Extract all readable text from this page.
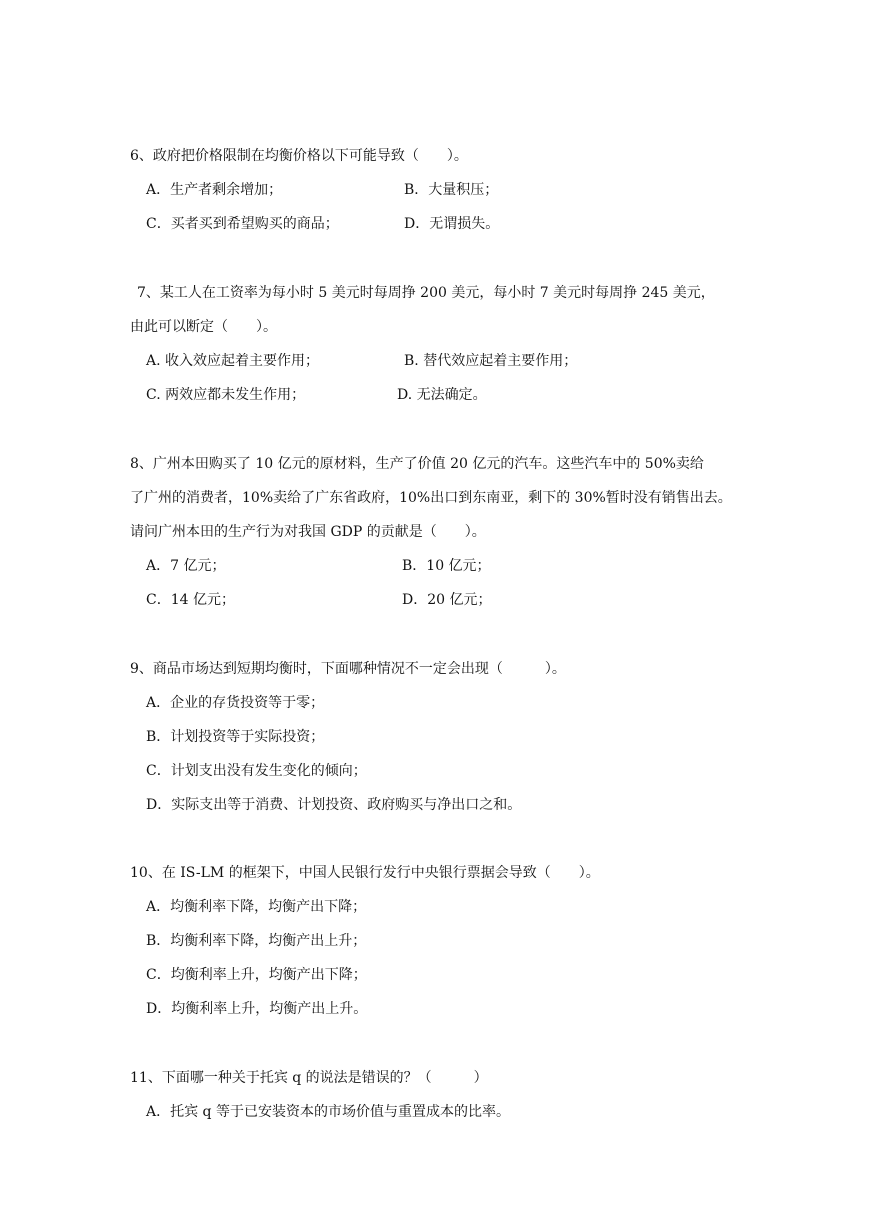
6、政府把价格限制在均衡价格以下可能导致（　　）。
A．生产者剩余增加；	B．大量积压；
C．买者买到希望购买的商品；	D．无谓损失。
7、某工人在工资率为每小时 5 美元时每周挣 200 美元，每小时 7 美元时每周挣 245 美元，
由此可以断定（　　）。
A. 收入效应起着主要作用；	B. 替代效应起着主要作用；
C. 两效应都未发生作用；	D. 无法确定。
8、广州本田购买了 10 亿元的原材料，生产了价值 20 亿元的汽车。这些汽车中的 50%卖给
了广州的消费者，10%卖给了广东省政府，10%出口到东南亚，剩下的 30%暂时没有销售出去。
请问广州本田的生产行为对我国 GDP 的贡献是（　　）。
A．7 亿元；	B．10 亿元；
C．14 亿元；	D．20 亿元；
9、商品市场达到短期均衡时，下面哪种情况不一定会出现（　　　）。
A．企业的存货投资等于零；
B．计划投资等于实际投资；
C．计划支出没有发生变化的倾向；
D．实际支出等于消费、计划投资、政府购买与净出口之和。
10、在 IS-LM 的框架下，中国人民银行发行中央银行票据会导致（　　）。
A．均衡利率下降，均衡产出下降；
B．均衡利率下降，均衡产出上升；
C．均衡利率上升，均衡产出下降；
D．均衡利率上升，均衡产出上升。
11、下面哪一种关于托宾 q 的说法是错误的？（　　　）
A．托宾 q 等于已安装资本的市场价值与重置成本的比率。
